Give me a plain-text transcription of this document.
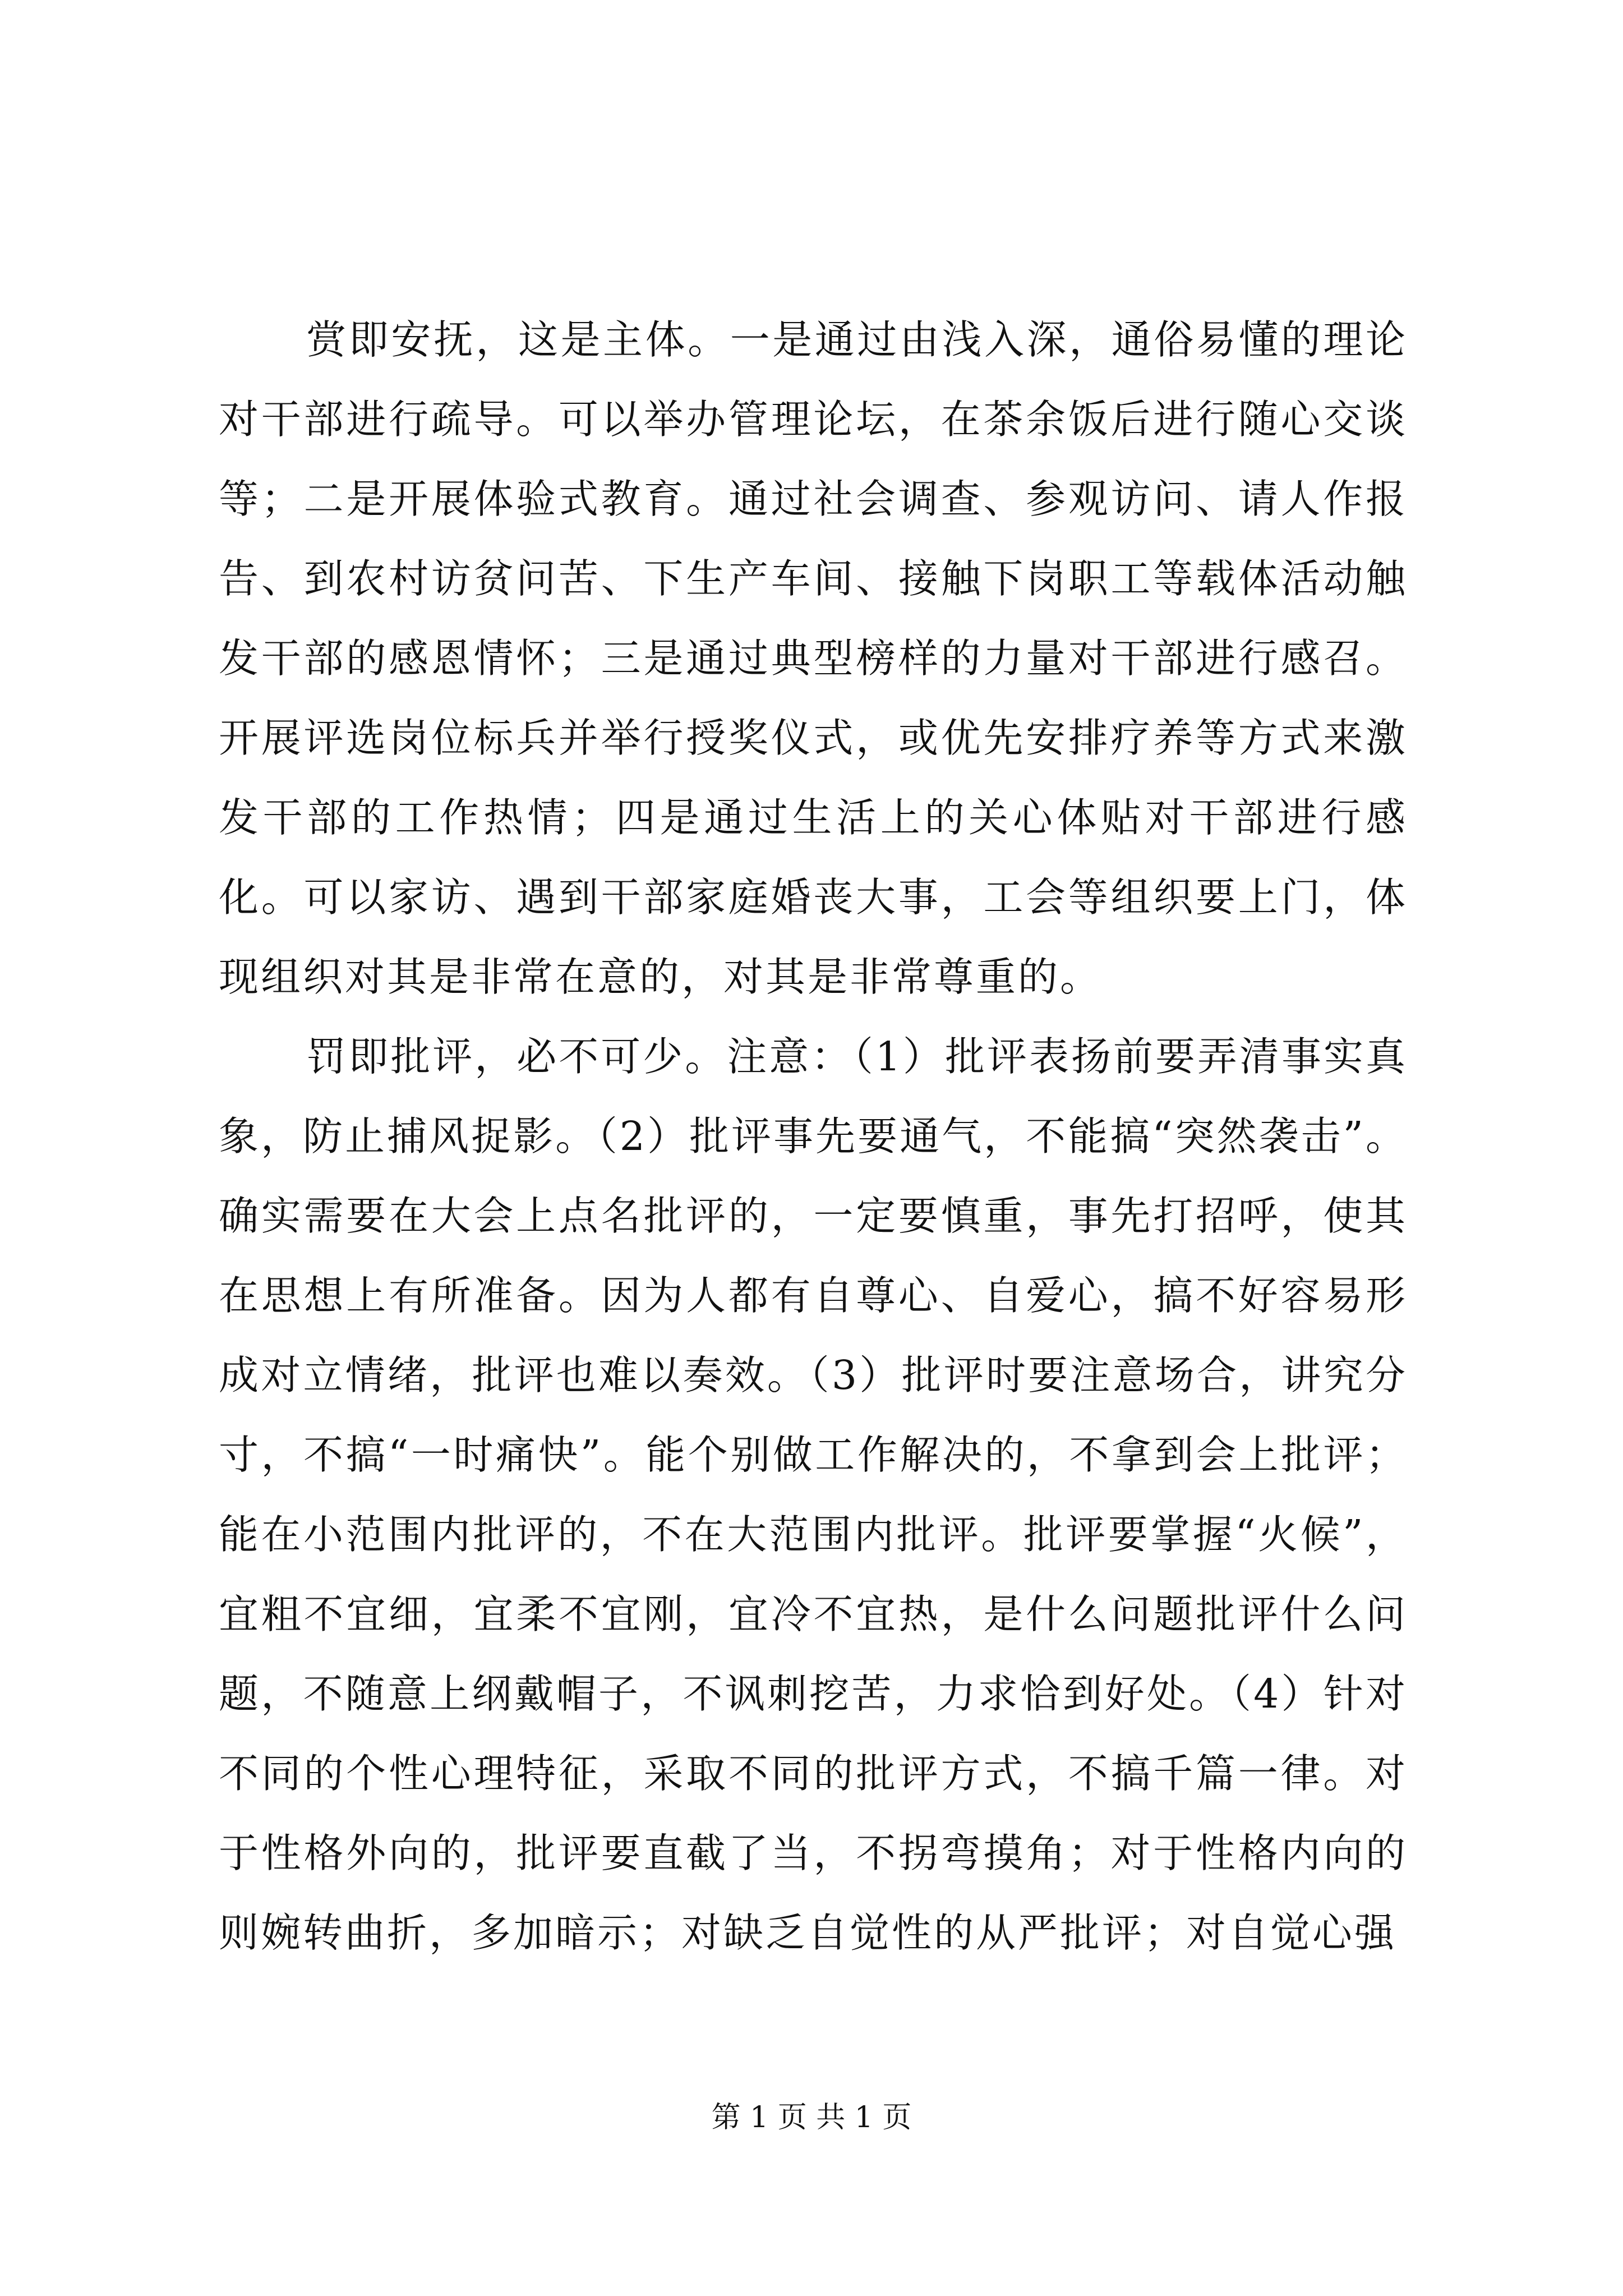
赏即安抚，这是主体。一是通过由浅入深，通俗易懂的理论对干部进行疏导。可以举办管理论坛，在茶余饭后进行随心交谈等；二是开展体验式教育。通过社会调查、参观访问、请人作报告、到农村访贫问苦、下生产车间、接触下岗职工等载体活动触发干部的感恩情怀；三是通过典型榜样的力量对干部进行感召。开展评选岗位标兵并举行授奖仪式，或优先安排疗养等方式来激发干部的工作热情；四是通过生活上的关心体贴对干部进行感化。可以家访、遇到干部家庭婚丧大事，工会等组织要上门，体现组织对其是非常在意的，对其是非常尊重的。

罚即批评，必不可少。注意：（1）批评表扬前要弄清事实真象，防止捕风捉影。（2）批评事先要通气，不能搞“突然袭击”。确实需要在大会上点名批评的，一定要慎重，事先打招呼，使其在思想上有所准备。因为人都有自尊心、自爱心，搞不好容易形成对立情绪，批评也难以奏效。（3）批评时要注意场合，讲究分寸，不搞“一时痛快”。能个别做工作解决的，不拿到会上批评；能在小范围内批评的，不在大范围内批评。批评要掌握“火候”，宜粗不宜细，宜柔不宜刚，宜冷不宜热，是什么问题批评什么问题，不随意上纲戴帽子，不讽刺挖苦，力求恰到好处。（4）针对不同的个性心理特征，采取不同的批评方式，不搞千篇一律。对于性格外向的，批评要直截了当，不拐弯摸角；对于性格内向的则婉转曲折，多加暗示；对缺乏自觉性的从严批评；对自觉心强

第 1 页 共 1 页
